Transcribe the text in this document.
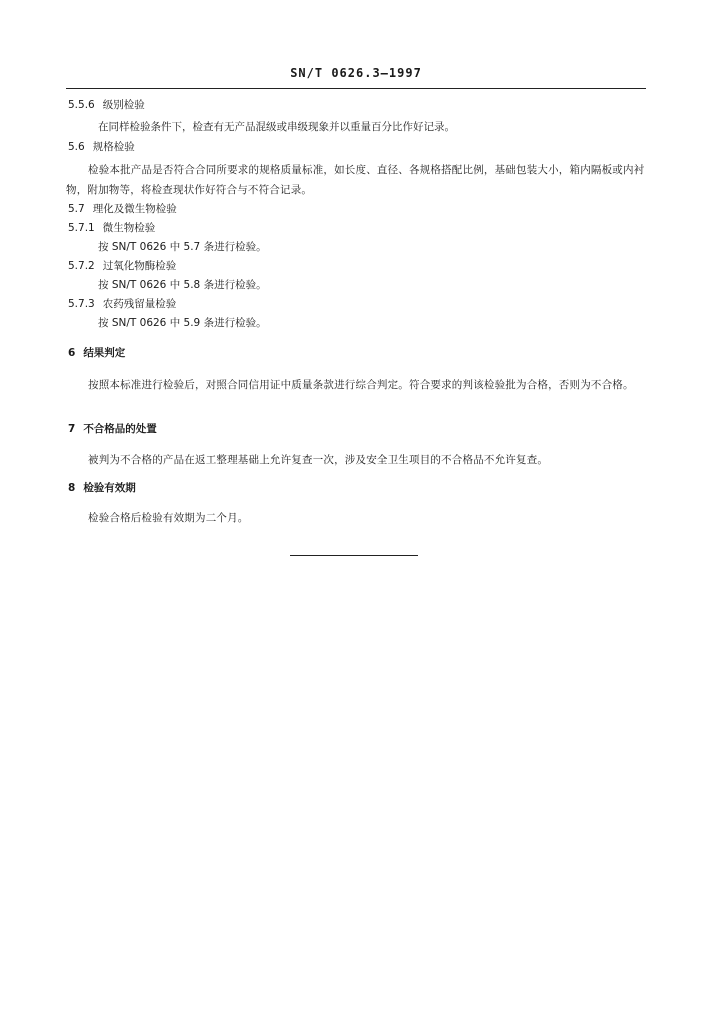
SN/T 0626.3—1997
5.5.6 级别检验
在同样检验条件下，检查有无产品混级或串级现象并以重量百分比作好记录。
5.6 规格检验
检验本批产品是否符合合同所要求的规格质量标准，如长度、直径、各规格搭配比例，基础包装大小，箱内隔板或内衬物，附加物等，将检查现状作好符合与不符合记录。
5.7 理化及微生物检验
5.7.1 微生物检验
按 SN/T 0626 中 5.7 条进行检验。
5.7.2 过氧化物酶检验
按 SN/T 0626 中 5.8 条进行检验。
5.7.3 农药残留量检验
按 SN/T 0626 中 5.9 条进行检验。
6 结果判定
按照本标准进行检验后，对照合同信用证中质量条款进行综合判定。符合要求的判该检验批为合格，否则为不合格。
7 不合格品的处置
被判为不合格的产品在返工整理基础上允许复查一次，涉及安全卫生项目的不合格品不允许复查。
8 检验有效期
检验合格后检验有效期为二个月。
